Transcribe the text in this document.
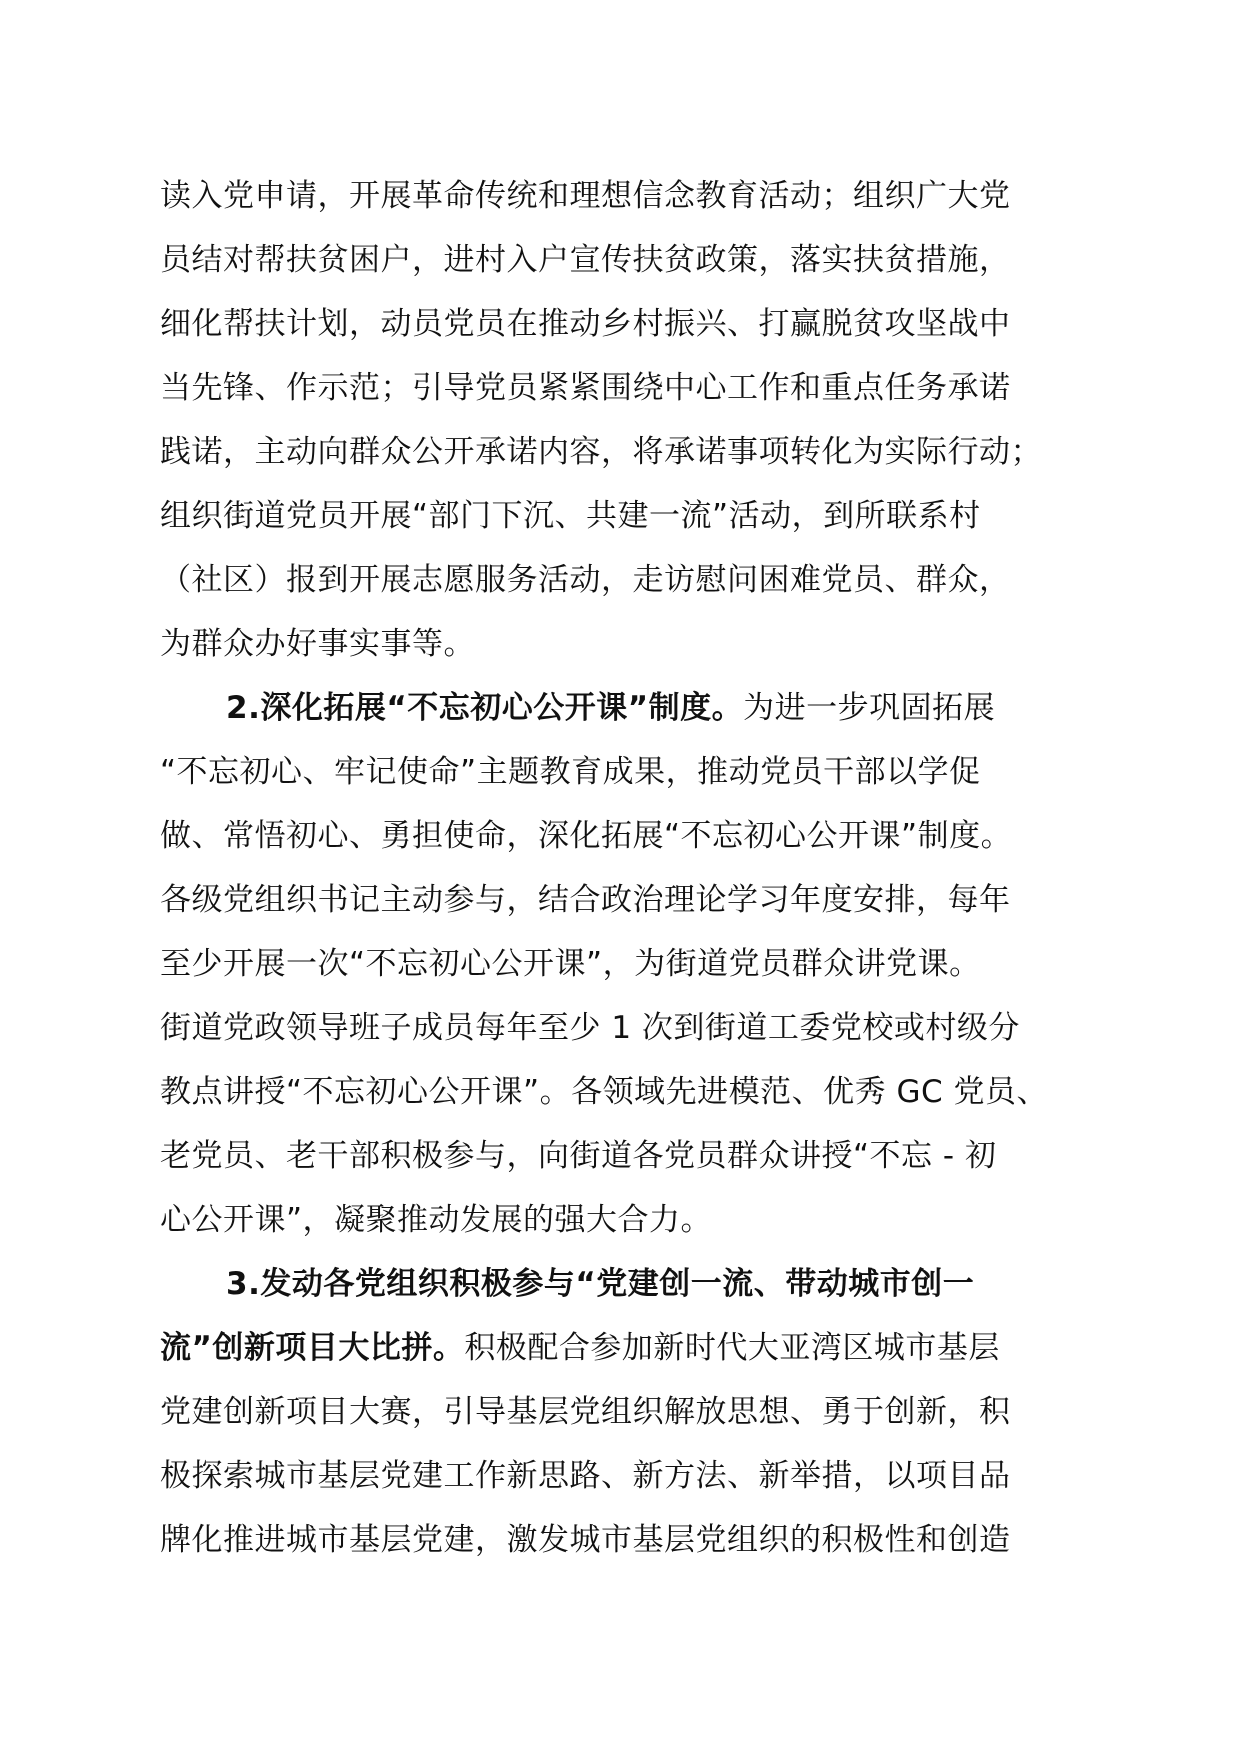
读入党申请，开展革命传统和理想信念教育活动；组织广大党
员结对帮扶贫困户，进村入户宣传扶贫政策，落实扶贫措施，
细化帮扶计划，动员党员在推动乡村振兴、打赢脱贫攻坚战中
当先锋、作示范；引导党员紧紧围绕中心工作和重点任务承诺
践诺，主动向群众公开承诺内容，将承诺事项转化为实际行动；
组织街道党员开展“部门下沉、共建一流”活动，到所联系村
（社区）报到开展志愿服务活动，走访慰问困难党员、群众，
为群众办好事实事等。
2.深化拓展“不忘初心公开课”制度。为进一步巩固拓展
“不忘初心、牢记使命”主题教育成果，推动党员干部以学促
做、常悟初心、勇担使命，深化拓展“不忘初心公开课”制度。
各级党组织书记主动参与，结合政治理论学习年度安排，每年
至少开展一次“不忘初心公开课”，为街道党员群众讲党课。
街道党政领导班子成员每年至少 1 次到街道工委党校或村级分
教点讲授“不忘初心公开课”。各领域先进模范、优秀 GC 党员、
老党员、老干部积极参与，向街道各党员群众讲授“不忘 - 初
心公开课”，凝聚推动发展的强大合力。
3.发动各党组织积极参与“党建创一流、带动城市创一
流”创新项目大比拼。积极配合参加新时代大亚湾区城市基层
党建创新项目大赛，引导基层党组织解放思想、勇于创新，积
极探索城市基层党建工作新思路、新方法、新举措，以项目品
牌化推进城市基层党建，激发城市基层党组织的积极性和创造
